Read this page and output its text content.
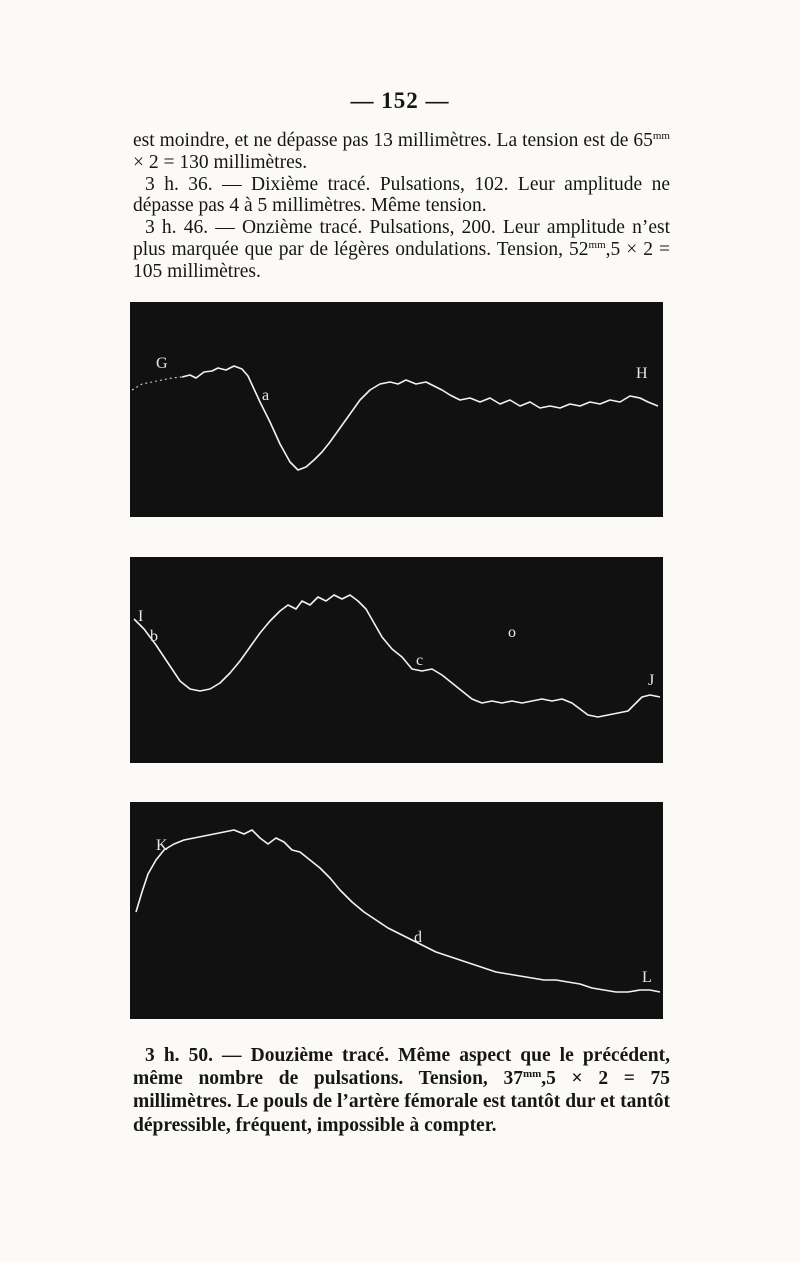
— 152 —

est moindre, et ne dépasse pas 13 millimètres. La tension est de $65^{mm} \times 2 = 130$ millimètres.

3 h. 36. — Dixième tracé. Pulsations, 102. Leur amplitude ne dépasse pas 4 à 5 millimètres. Même tension.

3 h. 46. — Onzième tracé. Pulsations, 200. Leur amplitude n’est plus marquée que par de légères ondulations. Tension, $52^{mm},5 \times 2 = 105$ millimètres.

G
a
H
I
b	o
c
J
K
d
L

3 h. 50. — Douzième tracé. Même aspect que le précédent, même nombre de pulsations. Tension, $37^{mm},5 \times 2 = 75$ millimètres. Le pouls de l’artère fémorale est tantôt dur et tantôt dépressible, fréquent, impossible à compter.
